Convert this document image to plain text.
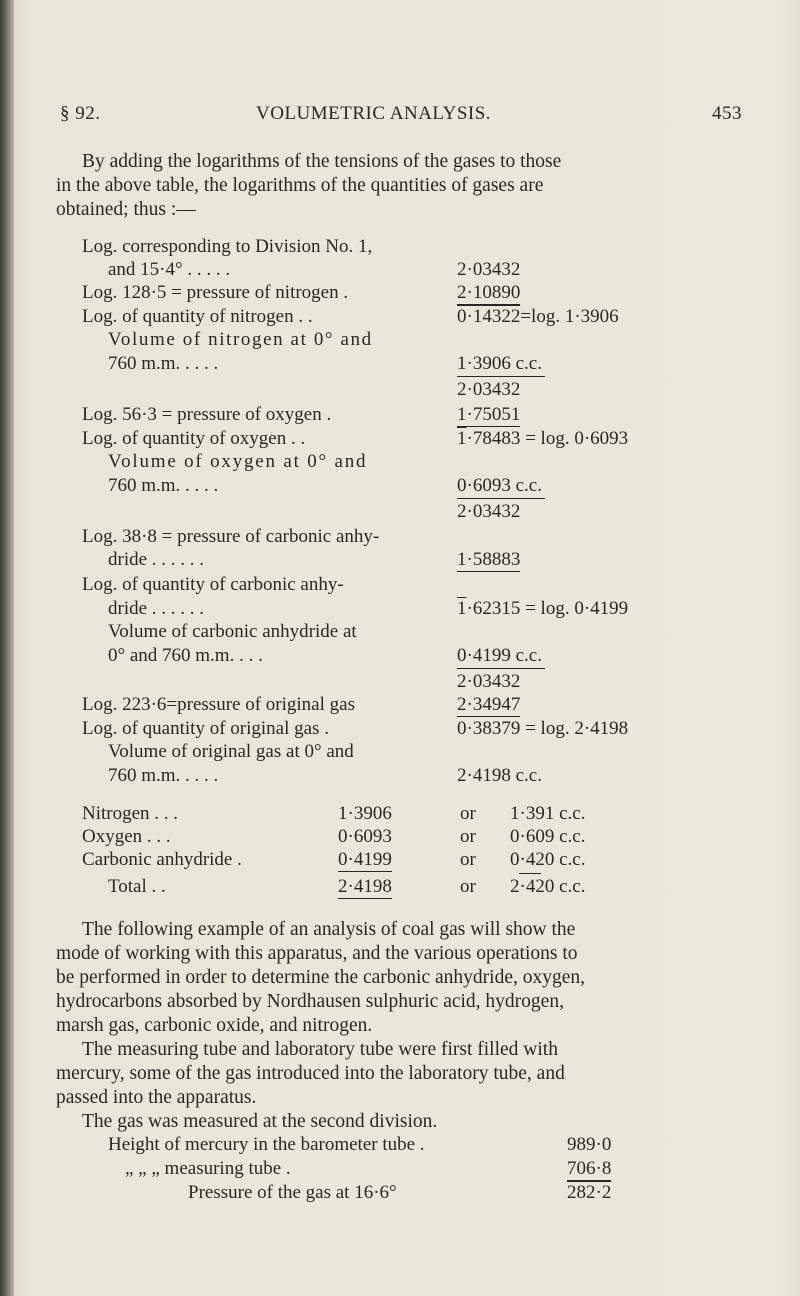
§ 92.	VOLUMETRIC ANALYSIS.	453
By adding the logarithms of the tensions of the gases to those
in the above table, the logarithms of the quantities of gases are
obtained; thus :—
Log. corresponding to Division No. 1,
and 15·4° . . . . .	2·03432
Log. 128·5 = pressure of nitrogen .	2·10890
Log. of quantity of nitrogen . .	0·14322=log. 1·3906
Volume of nitrogen at 0° and
760 m.m. . . . .	1·3906 c.c.
2·03432
Log. 56·3 = pressure of oxygen .	1·75051
Log. of quantity of oxygen . .	1·78483 = log. 0·6093
Volume of oxygen at 0° and
760 m.m. . . . .	0·6093 c.c.
2·03432
Log. 38·8 = pressure of carbonic anhy-
dride . . . . . .	1·58883
Log. of quantity of carbonic anhy-
dride . . . . . .	1·62315 = log. 0·4199
Volume of carbonic anhydride at
0° and 760 m.m. . . .	0·4199 c.c.
2·03432
Log. 223·6=pressure of original gas	2·34947
Log. of quantity of original gas .	0·38379 = log. 2·4198
Volume of original gas at 0° and
760 m.m. . . . .	2·4198 c.c.
Nitrogen . . .	1·3906	or 1·391 c.c.
Oxygen . . .	0·6093	or 0·609 c.c.
Carbonic anhydride .	0·4199	or 0·420 c.c.
Total . .	2·4198	or 2·420 c.c.
The following example of an analysis of coal gas will show the
mode of working with this apparatus, and the various operations to
be performed in order to determine the carbonic anhydride, oxygen,
hydrocarbons absorbed by Nordhausen sulphuric acid, hydrogen,
marsh gas, carbonic oxide, and nitrogen.
The measuring tube and laboratory tube were first filled with
mercury, some of the gas introduced into the laboratory tube, and
passed into the apparatus.
The gas was measured at the second division.
Height of mercury in the barometer tube .	989·0
„ „ „ measuring tube .	706·8
Pressure of the gas at 16·6°	282·2
